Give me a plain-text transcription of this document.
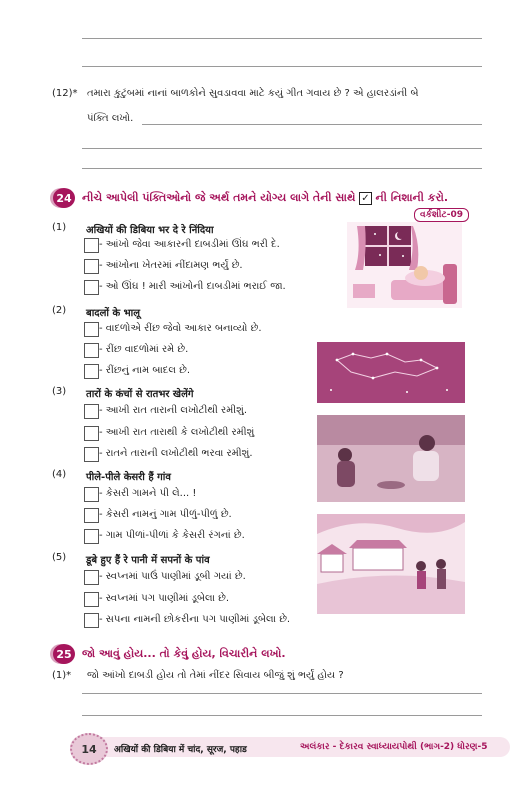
(12)* તમારા કુટુંબમાં નાનાં બાળકોને સુવડાવવા માટે કયું ગીત ગવાય છે ? એ હાલરડાંની બે
પંક્તિ લખો.
24 નીચે આપેલી પંક્તિઓનો જે અર્થ તમને યોગ્ય લાગે તેની સાથે ✓ ની નિશાની કરો.
વર્કશીટ-09
(1) अखियों की डिबिया भर दे रे निंदिया
- આંખો જેવા આકારની દાબડીમાં ઊંઘ ભરી દે.
- આંખોના ખેતરમાં નીંદામણ ભર્યું છે.
- ઓ ઊંઘ ! મારી આંખોની દાબડીમાં ભરાઈ જા.
(2) बादलों के भालू
- વાદળોએ રીંછ જેવો આકાર બનાવ્યો છે.
- રીંછ વાદળોમાં રમે છે.
- રીંછનું નામ બાદલ છે.
(3) तारों के कंचों से रातभर खेलेंगे
- આખી રાત તારાની લખોટીથી રમીશું.
- આખી રાત તારાથી કે લખોટીથી રમીશું
- રાતને તારાની લખોટીથી ભરવા રમીશું.
(4) पीले-पीले केसरी हैं गांव
- કેસરી ગામને પી લે... !
- કેસરી નામનું ગામ પીળું-પીળું છે.
- ગામ પીળાં-પીળાં કે કેસરી રંગનાં છે.
(5) डूबे हुए हैं रे पानी में सपनों के पांव
- સ્વપ્નમાં પાઉં પાણીમાં ડૂબી ગયાં છે.
- સ્વપ્નમાં પગ પાણીમાં ડૂબેલા છે.
- સપના નામની છોકરીના પગ પાણીમાં ડૂબેલા છે.
25 જો આવું હોય... તો કેવું હોય, વિચારીને લખો.
(1)* જો આંખો દાબડી હોય તો તેમાં નીંદર સિવાય બીજું શું ભર્યું હોય ?
14	अखियों की डिबिया में चांद, सूरज, पहाड	અલંકાર - દેકારવ સ્વાધ્યાયપોથી (ભાગ-2) ધોરણ-5
